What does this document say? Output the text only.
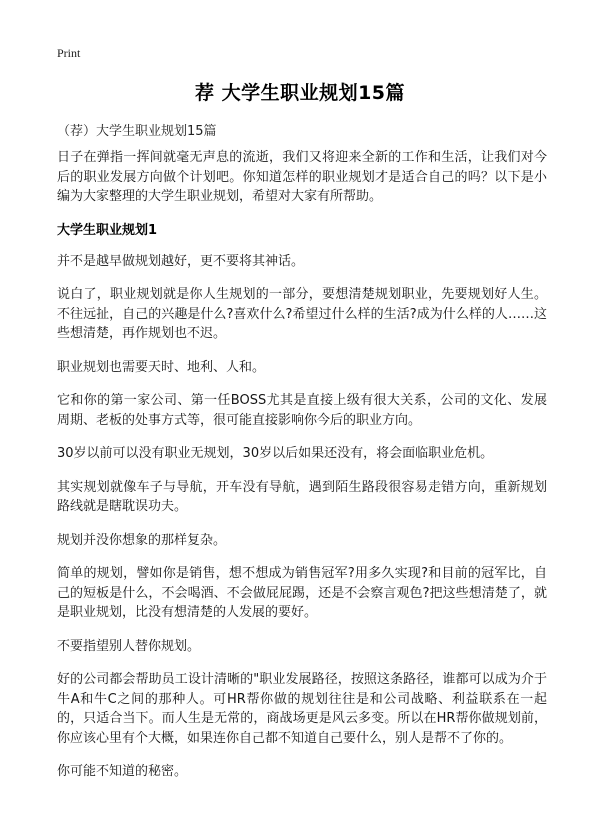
Print
荐 大学生职业规划15篇
（荐）大学生职业规划15篇

日子在弹指一挥间就毫无声息的流逝，我们又将迎来全新的工作和生活，让我们对今后的职业发展方向做个计划吧。你知道怎样的职业规划才是适合自己的吗？以下是小编为大家整理的大学生职业规划，希望对大家有所帮助。

大学生职业规划1

并不是越早做规划越好，更不要将其神话。

说白了，职业规划就是你人生规划的一部分，要想清楚规划职业，先要规划好人生。不往远扯，自己的兴趣是什么?喜欢什么?希望过什么样的生活?成为什么样的人……这些想清楚，再作规划也不迟。

职业规划也需要天时、地利、人和。

它和你的第一家公司、第一任BOSS尤其是直接上级有很大关系，公司的文化、发展周期、老板的处事方式等，很可能直接影响你今后的职业方向。

30岁以前可以没有职业无规划，30岁以后如果还没有，将会面临职业危机。

其实规划就像车子与导航，开车没有导航，遇到陌生路段很容易走错方向，重新规划路线就是瞎耽误功夫。

规划并没你想象的那样复杂。

简单的规划，譬如你是销售，想不想成为销售冠军?用多久实现?和目前的冠军比，自己的短板是什么，不会喝酒、不会做屁屁踢，还是不会察言观色?把这些想清楚了，就是职业规划，比没有想清楚的人发展的要好。

不要指望别人替你规划。

好的公司都会帮助员工设计清晰的"职业发展路径，按照这条路径，谁都可以成为介于牛A和牛C之间的那种人。可HR帮你做的规划往往是和公司战略、利益联系在一起的，只适合当下。而人生是无常的，商战场更是风云多变。所以在HR帮你做规划前，你应该心里有个大概，如果连你自己都不知道自己要什么，别人是帮不了你的。

你可能不知道的秘密。
